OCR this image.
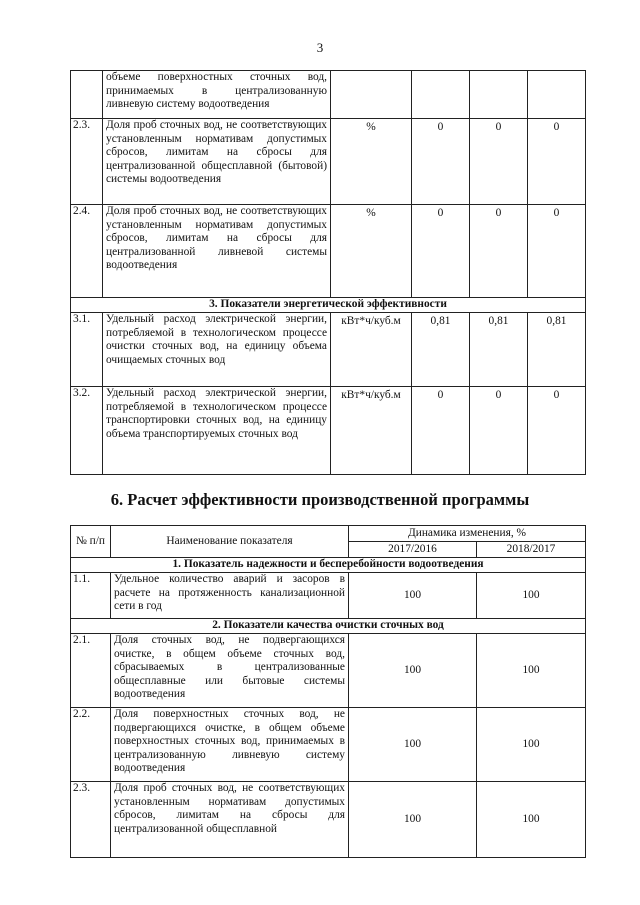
3
	объеме поверхностных сточных вод, принимаемых в централизованную ливневую систему водоотведения				
2.3.	Доля проб сточных вод, не соответствующих установленным нормативам допустимых сбросов, лимитам на сбросы для централизованной общесплавной (бытовой) системы водоотведения	%	0	0	0
2.4.	Доля проб сточных вод, не соответствующих установленным нормативам допустимых сбросов, лимитам на сбросы для централизованной ливневой системы водоотведения	%	0	0	0
3. Показатели энергетической эффективности					
3.1.	Удельный расход электрической энергии, потребляемой в технологическом процессе очистки сточных вод, на единицу объема очищаемых сточных вод	кВт*ч/куб.м	0,81	0,81	0,81
3.2.	Удельный расход электрической энергии, потребляемой в технологическом процессе транспортировки сточных вод, на единицу объема транспортируемых сточных вод	кВт*ч/куб.м	0	0	0
6. Расчет эффективности производственной программы
№ п/п	Наименование показателя	Динамика изменения, %	
		2017/2016	2018/2017
1. Показатель надежности и бесперебойности водоотведения			
1.1.	Удельное количество аварий и засоров в расчете на протяженность канализационной сети в год	100	100
2. Показатели качества очистки сточных вод			
2.1.	Доля сточных вод, не подвергающихся очистке, в общем объеме сточных вод, сбрасываемых в централизованные общесплавные или бытовые системы водоотведения	100	100
2.2.	Доля поверхностных сточных вод, не подвергающихся очистке, в общем объеме поверхностных сточных вод, принимаемых в централизованную ливневую систему водоотведения	100	100
2.3.	Доля проб сточных вод, не соответствующих установленным нормативам допустимых сбросов, лимитам на сбросы для централизованной общесплавной	100	100
